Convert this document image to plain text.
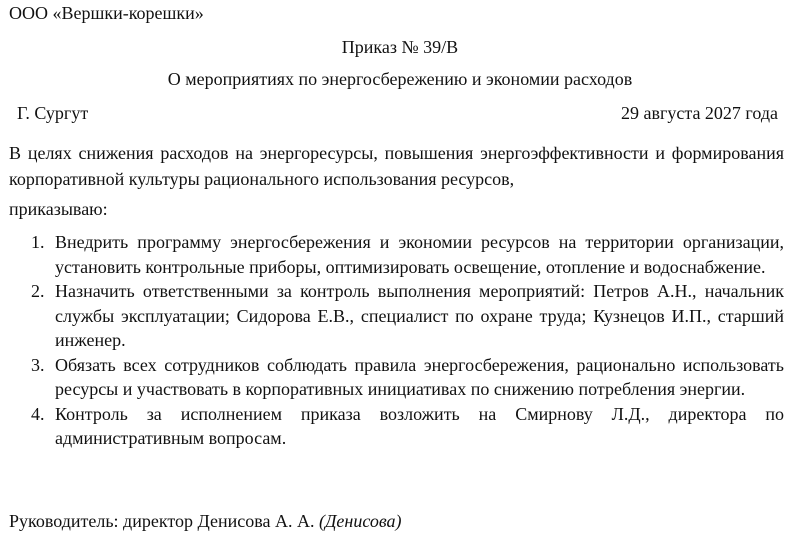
ООО «Вершки-корешки»
Приказ № 39/В
О мероприятиях по энергосбережению и экономии расходов
Г. Сургут	29 августа 2027 года
В целях снижения расходов на энергоресурсы, повышения энергоэффективности и формирования корпоративной культуры рационального использования ресурсов,
приказываю:
1. Внедрить программу энергосбережения и экономии ресурсов на территории организации, установить контрольные приборы, оптимизировать освещение, отопление и водоснабжение.
2. Назначить ответственными за контроль выполнения мероприятий: Петров А.Н., начальник службы эксплуатации; Сидорова Е.В., специалист по охране труда; Кузнецов И.П., старший инженер.
3. Обязать всех сотрудников соблюдать правила энергосбережения, рационально использовать ресурсы и участвовать в корпоративных инициативах по снижению потребления энергии.
4. Контроль за исполнением приказа возложить на Смирнову Л.Д., директора по административным вопросам.
Руководитель: директор Денисова А. А. (Денисова)
